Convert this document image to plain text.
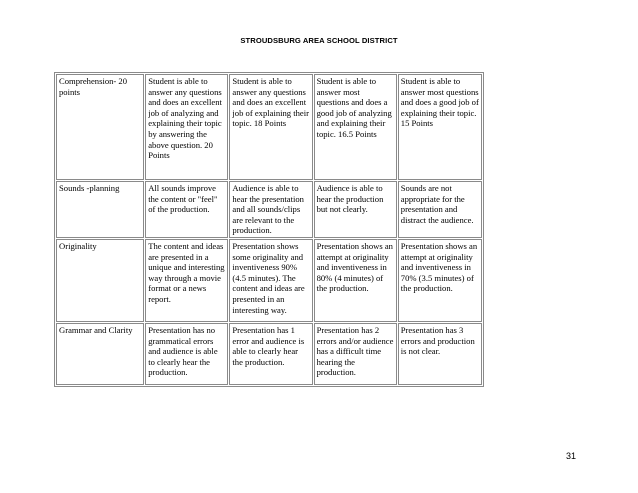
STROUDSBURG AREA SCHOOL DISTRICT
Comprehension- 20 points	Student is able to answer any questions and does an excellent job of analyzing and explaining their topic by answering the above question. 20 Points	Student is able to answer any questions and does an excellent job of explaining their topic. 18 Points	Student is able to answer most questions and does a good job of analyzing and explaining their topic. 16.5 Points	Student is able to answer most questions and does a good job of explaining their topic. 15 Points
Sounds -planning	All sounds improve the content or "feel" of the production.	Audience is able to hear the presentation and all sounds/clips are relevant to the production.	Audience is able to hear the production but not clearly.	Sounds are not appropriate for the presentation and distract the audience.
Originality	The content and ideas are presented in a unique and interesting way through a movie format or a news report.	Presentation shows some originality and inventiveness 90% (4.5 minutes). The content and ideas are presented in an interesting way.	Presentation shows an attempt at originality and inventiveness in 80% (4 minutes) of the production.	Presentation shows an attempt at originality and inventiveness in 70% (3.5 minutes) of the production.
Grammar and Clarity	Presentation has no grammatical errors and audience is able to clearly hear the production.	Presentation has 1 error and audience is able to clearly hear the production.	Presentation has 2 errors and/or audience has a difficult time hearing the production.	Presentation has 3 errors and production is not clear.
31
